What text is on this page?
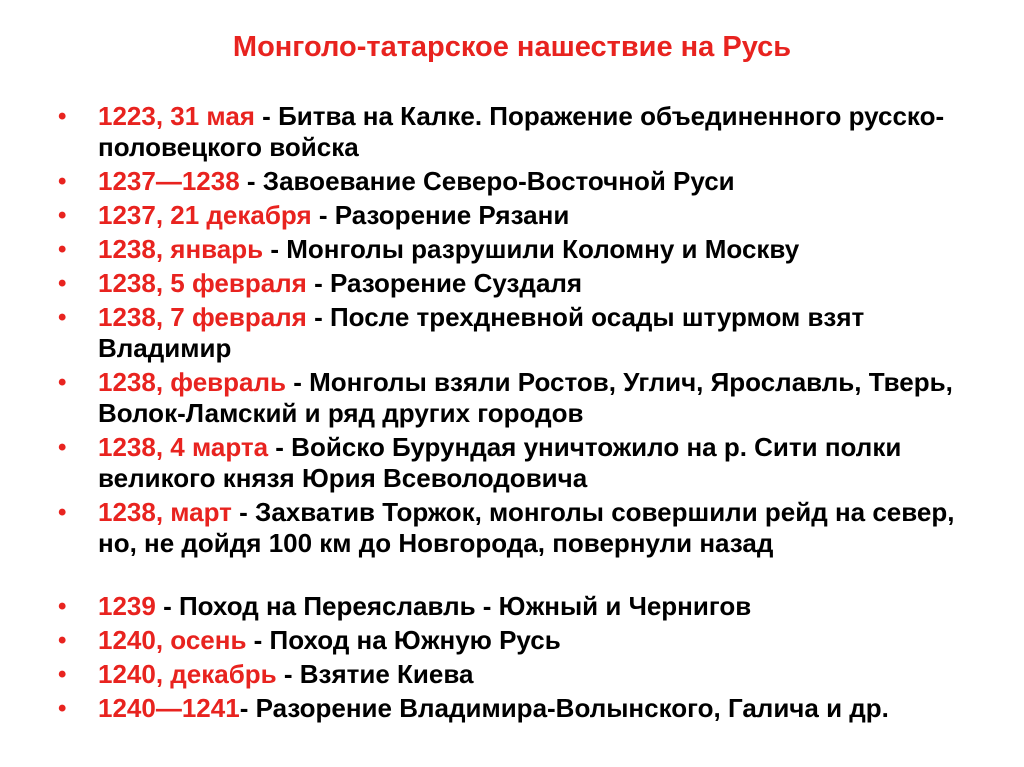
Монголо-татарское нашествие на Русь
• 1223, 31 мая - Битва на Калке. Поражение объединенного русско-половецкого войска
• 1237—1238 - Завоевание Северо-Восточной Руси
• 1237, 21 декабря - Разорение Рязани
• 1238, январь - Монголы разрушили Коломну и Москву
• 1238, 5 февраля - Разорение Суздаля
• 1238, 7 февраля - После трехдневной осады штурмом взят Владимир
• 1238, февраль - Монголы взяли Ростов, Углич, Ярославль, Тверь, Волок-Ламский и ряд других городов
• 1238, 4 марта - Войско Бурундая уничтожило на р. Сити полки великого князя Юрия Всеволодовича
• 1238, март - Захватив Торжок, монголы совершили рейд на север, но, не дойдя 100 км до Новгорода, повернули назад
• 1239 - Поход на Переяславль - Южный и Чернигов
• 1240, осень - Поход на Южную Русь
• 1240, декабрь - Взятие Киева
• 1240—1241- Разорение Владимира-Волынского, Галича и др.
